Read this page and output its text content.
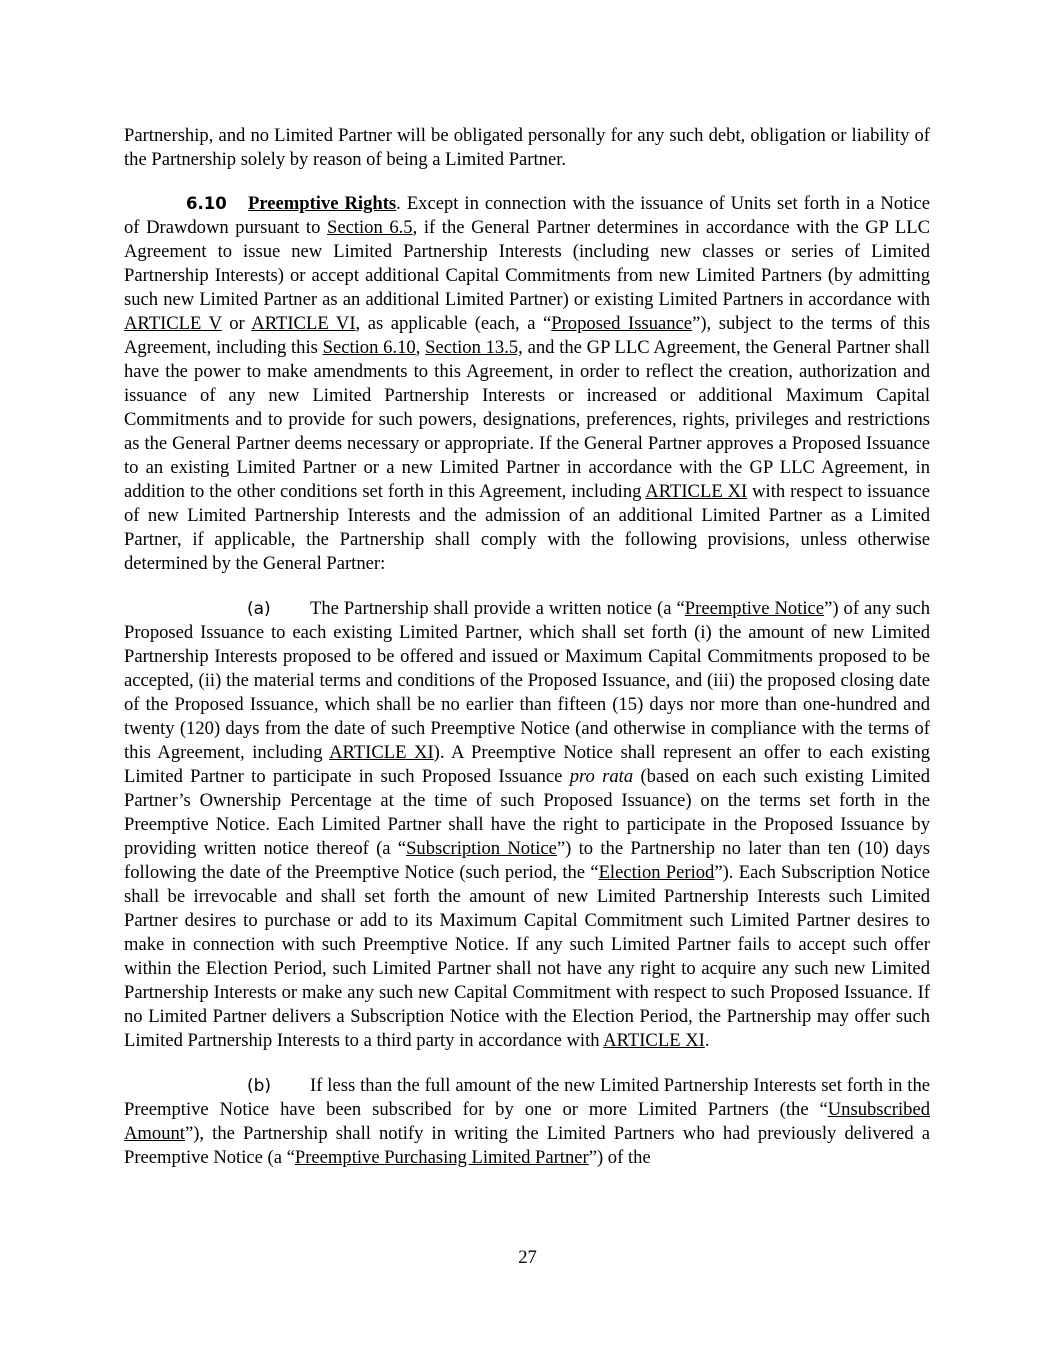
Partnership, and no Limited Partner will be obligated personally for any such debt, obligation or liability of the Partnership solely by reason of being a Limited Partner.

6.10 Preemptive Rights. Except in connection with the issuance of Units set forth in a Notice of Drawdown pursuant to Section 6.5, if the General Partner determines in accordance with the GP LLC Agreement to issue new Limited Partnership Interests (including new classes or series of Limited Partnership Interests) or accept additional Capital Commitments from new Limited Partners (by admitting such new Limited Partner as an additional Limited Partner) or existing Limited Partners in accordance with ARTICLE V or ARTICLE VI, as applicable (each, a “Proposed Issuance”), subject to the terms of this Agreement, including this Section 6.10, Section 13.5, and the GP LLC Agreement, the General Partner shall have the power to make amendments to this Agreement, in order to reflect the creation, authorization and issuance of any new Limited Partnership Interests or increased or additional Maximum Capital Commitments and to provide for such powers, designations, preferences, rights, privileges and restrictions as the General Partner deems necessary or appropriate. If the General Partner approves a Proposed Issuance to an existing Limited Partner or a new Limited Partner in accordance with the GP LLC Agreement, in addition to the other conditions set forth in this Agreement, including ARTICLE XI with respect to issuance of new Limited Partnership Interests and the admission of an additional Limited Partner as a Limited Partner, if applicable, the Partnership shall comply with the following provisions, unless otherwise determined by the General Partner:

(a) The Partnership shall provide a written notice (a “Preemptive Notice”) of any such Proposed Issuance to each existing Limited Partner, which shall set forth (i) the amount of new Limited Partnership Interests proposed to be offered and issued or Maximum Capital Commitments proposed to be accepted, (ii) the material terms and conditions of the Proposed Issuance, and (iii) the proposed closing date of the Proposed Issuance, which shall be no earlier than fifteen (15) days nor more than one-hundred and twenty (120) days from the date of such Preemptive Notice (and otherwise in compliance with the terms of this Agreement, including ARTICLE XI). A Preemptive Notice shall represent an offer to each existing Limited Partner to participate in such Proposed Issuance pro rata (based on each such existing Limited Partner’s Ownership Percentage at the time of such Proposed Issuance) on the terms set forth in the Preemptive Notice. Each Limited Partner shall have the right to participate in the Proposed Issuance by providing written notice thereof (a “Subscription Notice”) to the Partnership no later than ten (10) days following the date of the Preemptive Notice (such period, the “Election Period”). Each Subscription Notice shall be irrevocable and shall set forth the amount of new Limited Partnership Interests such Limited Partner desires to purchase or add to its Maximum Capital Commitment such Limited Partner desires to make in connection with such Preemptive Notice. If any such Limited Partner fails to accept such offer within the Election Period, such Limited Partner shall not have any right to acquire any such new Limited Partnership Interests or make any such new Capital Commitment with respect to such Proposed Issuance. If no Limited Partner delivers a Subscription Notice with the Election Period, the Partnership may offer such Limited Partnership Interests to a third party in accordance with ARTICLE XI.

(b) If less than the full amount of the new Limited Partnership Interests set forth in the Preemptive Notice have been subscribed for by one or more Limited Partners (the “Unsubscribed Amount”), the Partnership shall notify in writing the Limited Partners who had previously delivered a Preemptive Notice (a “Preemptive Purchasing Limited Partner”) of the

27
